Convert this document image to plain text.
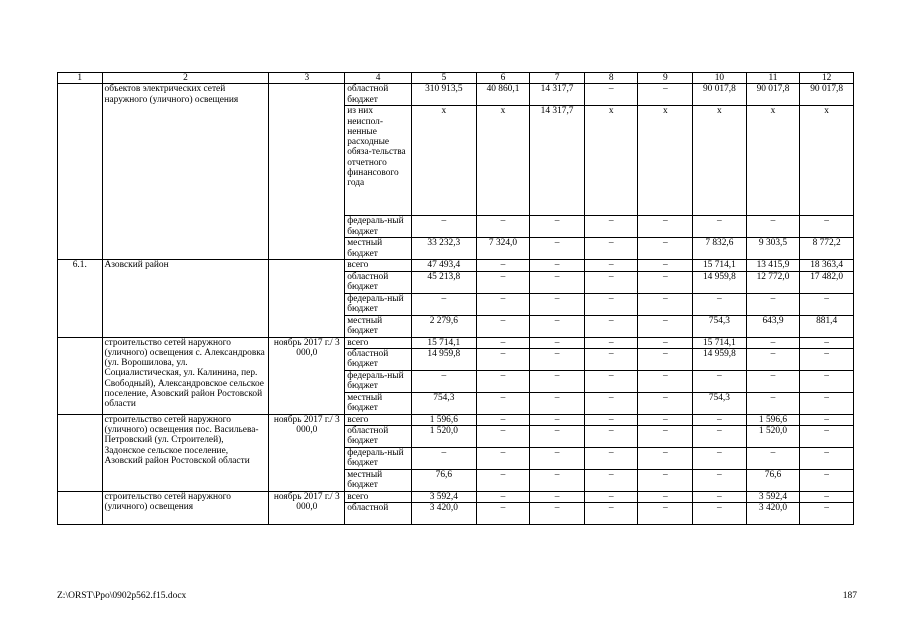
1	2	3	4	5	6	7	8	9	10	11	12
	объектов электрических сетей наружного (уличного) освещения		областной бюджет	310 913,5	40 860,1	14 317,7	–	–	90 017,8	90 017,8	90 017,8
			из них неиспол-ненные расходные обяза-тельства отчетного финансового года	х	х	14 317,7	х	х	х	х	х
			федераль-ный бюджет	–	–	–	–	–	–	–	–
			местный бюджет	33 232,3	7 324,0	–	–	–	7 832,6	9 303,5	8 772,2
6.1.	Азовский район		всего	47 493,4	–	–	–	–	15 714,1	13 415,9	18 363,4
			областной бюджет	45 213,8	–	–	–	–	14 959,8	12 772,0	17 482,0
			федераль-ный бюджет	–	–	–	–	–	–	–	–
			местный бюджет	2 279,6	–	–	–	–	754,3	643,9	881,4
	строительство сетей наружного (уличного) освещения с. Александровка (ул. Ворошилова, ул. Социалистическая, ул. Калинина, пер. Свободный), Александровское сельское поселение, Азовский район Ростовской области	ноябрь 2017 г./ 3 000,0	всего	15 714,1	–	–	–	–	15 714,1	–	–
			областной бюджет	14 959,8	–	–	–	–	14 959,8	–	–
			федераль-ный бюджет	–	–	–	–	–	–	–	–
			местный бюджет	754,3	–	–	–	–	754,3	–	–
	строительство сетей наружного (уличного) освещения пос. Васильева-Петровский (ул. Строителей), Задонское сельское поселение, Азовский район Ростовской области	ноябрь 2017 г./ 3 000,0	всего	1 596,6	–	–	–	–	–	1 596,6	–
			областной бюджет	1 520,0	–	–	–	–	–	1 520,0	–
			федераль-ный бюджет	–	–	–	–	–	–	–	–
			местный бюджет	76,6	–	–	–	–	–	76,6	–
	строительство сетей наружного (уличного) освещения	ноябрь 2017 г./ 3 000,0	всего	3 592,4	–	–	–	–	–	3 592,4	–
			областной	3 420,0	–	–	–	–	–	3 420,0	–
Z:\ORST\Ppo\0902p562.f15.docx	187
